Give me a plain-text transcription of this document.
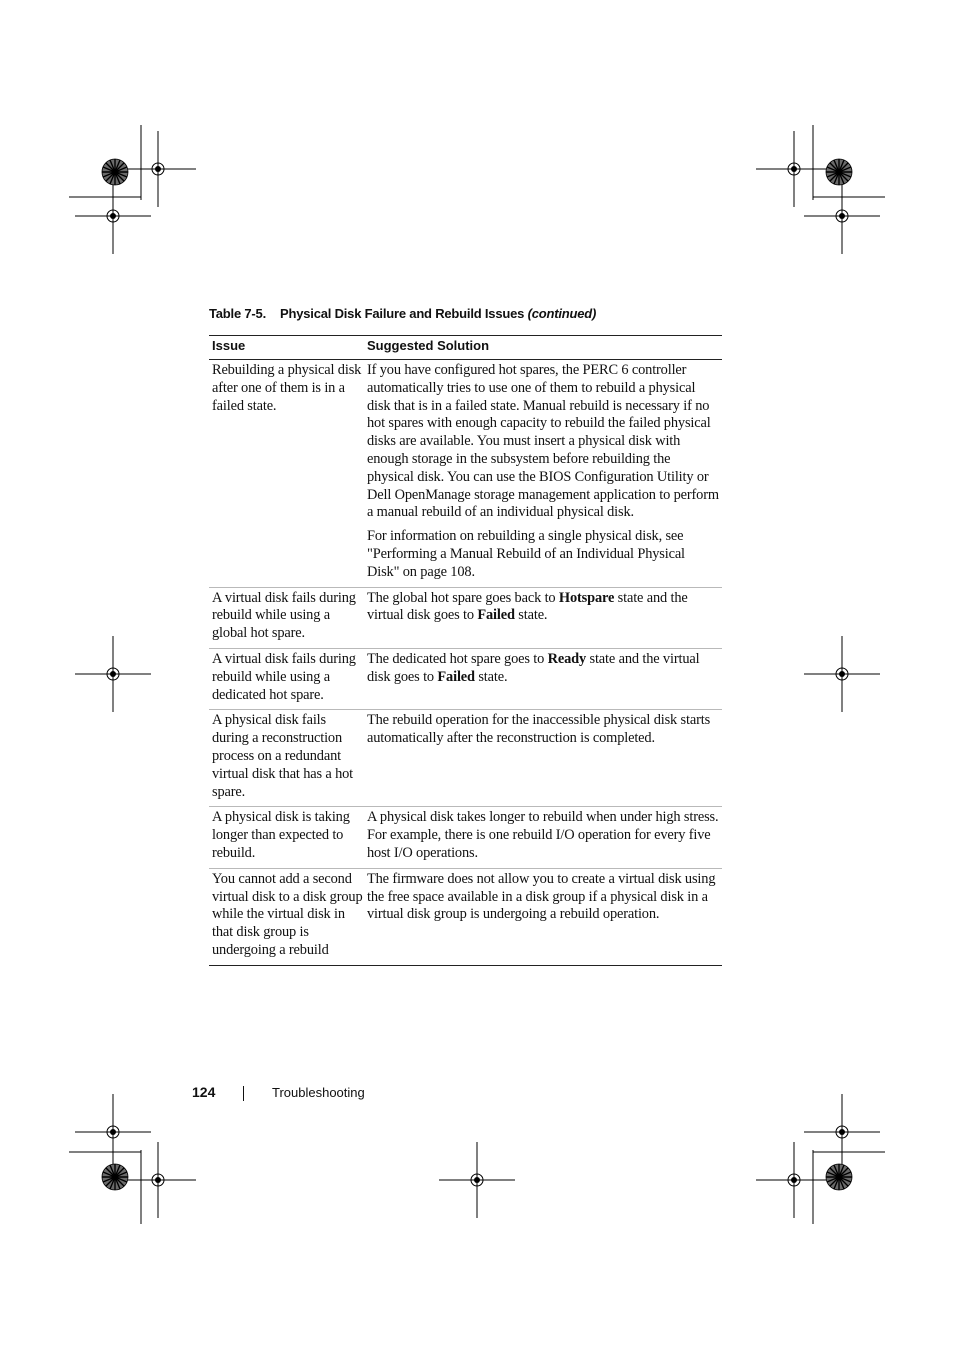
Table 7-5. Physical Disk Failure and Rebuild Issues (continued)
Issue	Suggested Solution
Rebuilding a physical disk after one of them is in a failed state.	If you have configured hot spares, the PERC 6 controller automatically tries to use one of them to rebuild a physical disk that is in a failed state. Manual rebuild is necessary if no hot spares with enough capacity to rebuild the failed physical disks are available. You must insert a physical disk with enough storage in the subsystem before rebuilding the physical disk. You can use the BIOS Configuration Utility or Dell OpenManage storage management application to perform a manual rebuild of an individual physical disk.

For information on rebuilding a single physical disk, see "Performing a Manual Rebuild of an Individual Physical Disk" on page 108.

A virtual disk fails during rebuild while using a global hot spare.	The global hot spare goes back to Hotspare state and the virtual disk goes to Failed state.
A virtual disk fails during rebuild while using a dedicated hot spare.	The dedicated hot spare goes to Ready state and the virtual disk goes to Failed state.
A physical disk fails during a reconstruction process on a redundant virtual disk that has a hot spare.	The rebuild operation for the inaccessible physical disk starts automatically after the reconstruction is completed.
A physical disk is taking longer than expected to rebuild.	A physical disk takes longer to rebuild when under high stress. For example, there is one rebuild I/O operation for every five host I/O operations.
You cannot add a second virtual disk to a disk group while the virtual disk in that disk group is undergoing a rebuild	The firmware does not allow you to create a virtual disk using the free space available in a disk group if a physical disk in a virtual disk group is undergoing a rebuild operation.
124	Troubleshooting
